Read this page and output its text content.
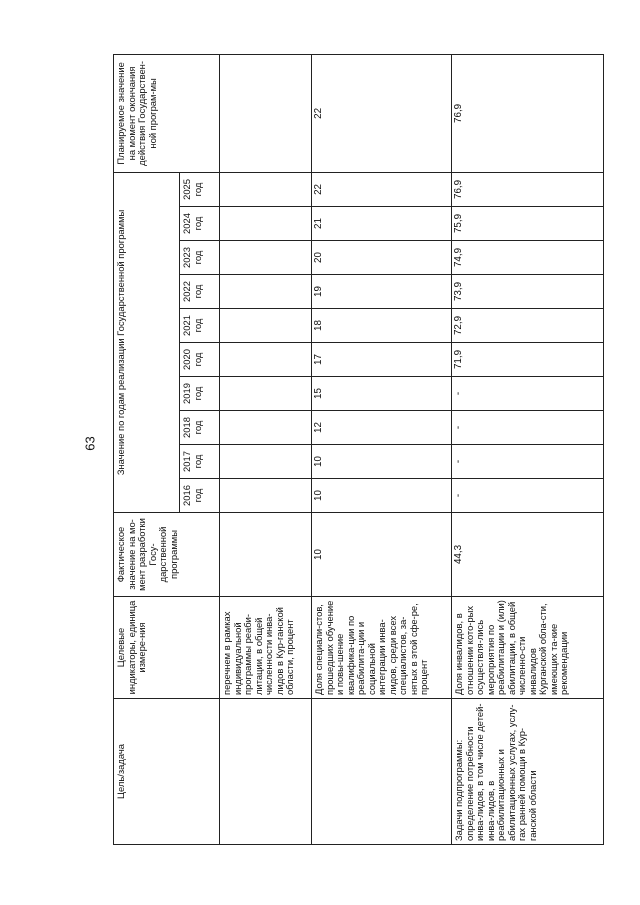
63
Цель/задача	Целевые индикаторы, единица измере-ния	Фактическое значение на мо-мент разработки Госу-дарственной программы	Значение по годам реализации Государственной программы										Планируемое значение на момент окончания действия Государствен-ной програм-мы
			2016 год	2017 год	2018 год	2019 год	2020 год	2021 год	2022 год	2023 год	2024 год	2025 год	
	перечнем в рамках индивидуальной программы реаби-литации, в общей численности инва-лидов в Кур-ганской области, процент												
	Доля специали-стов, прошедших обучение и повы-шение квалифика-ции по реабилита-ции и социальной интеграции инва-лидов, среди всех специалистов, за-нятых в этой сфе-ре, процент	10	10	10	12	15	17	18	19	20	21	22	22
Задачи подпрограммы: определение потребности инва-лидов, в том числе детей-инва-лидов, в реабилитационных и абилитационных услугах, услу-гах ранней помощи в Кур-ганской области	Доля инвалидов, в отношении кото-рых осуществля-лись мероприятия по реабилитации и (или) абилитации, в общей численно-сти инвалидов Курганской обла-сти, имеющих та-кие рекомендации	44,3	-	-	-	-	71,9	72,9	73,9	74,9	75,9	76,9	76,9
